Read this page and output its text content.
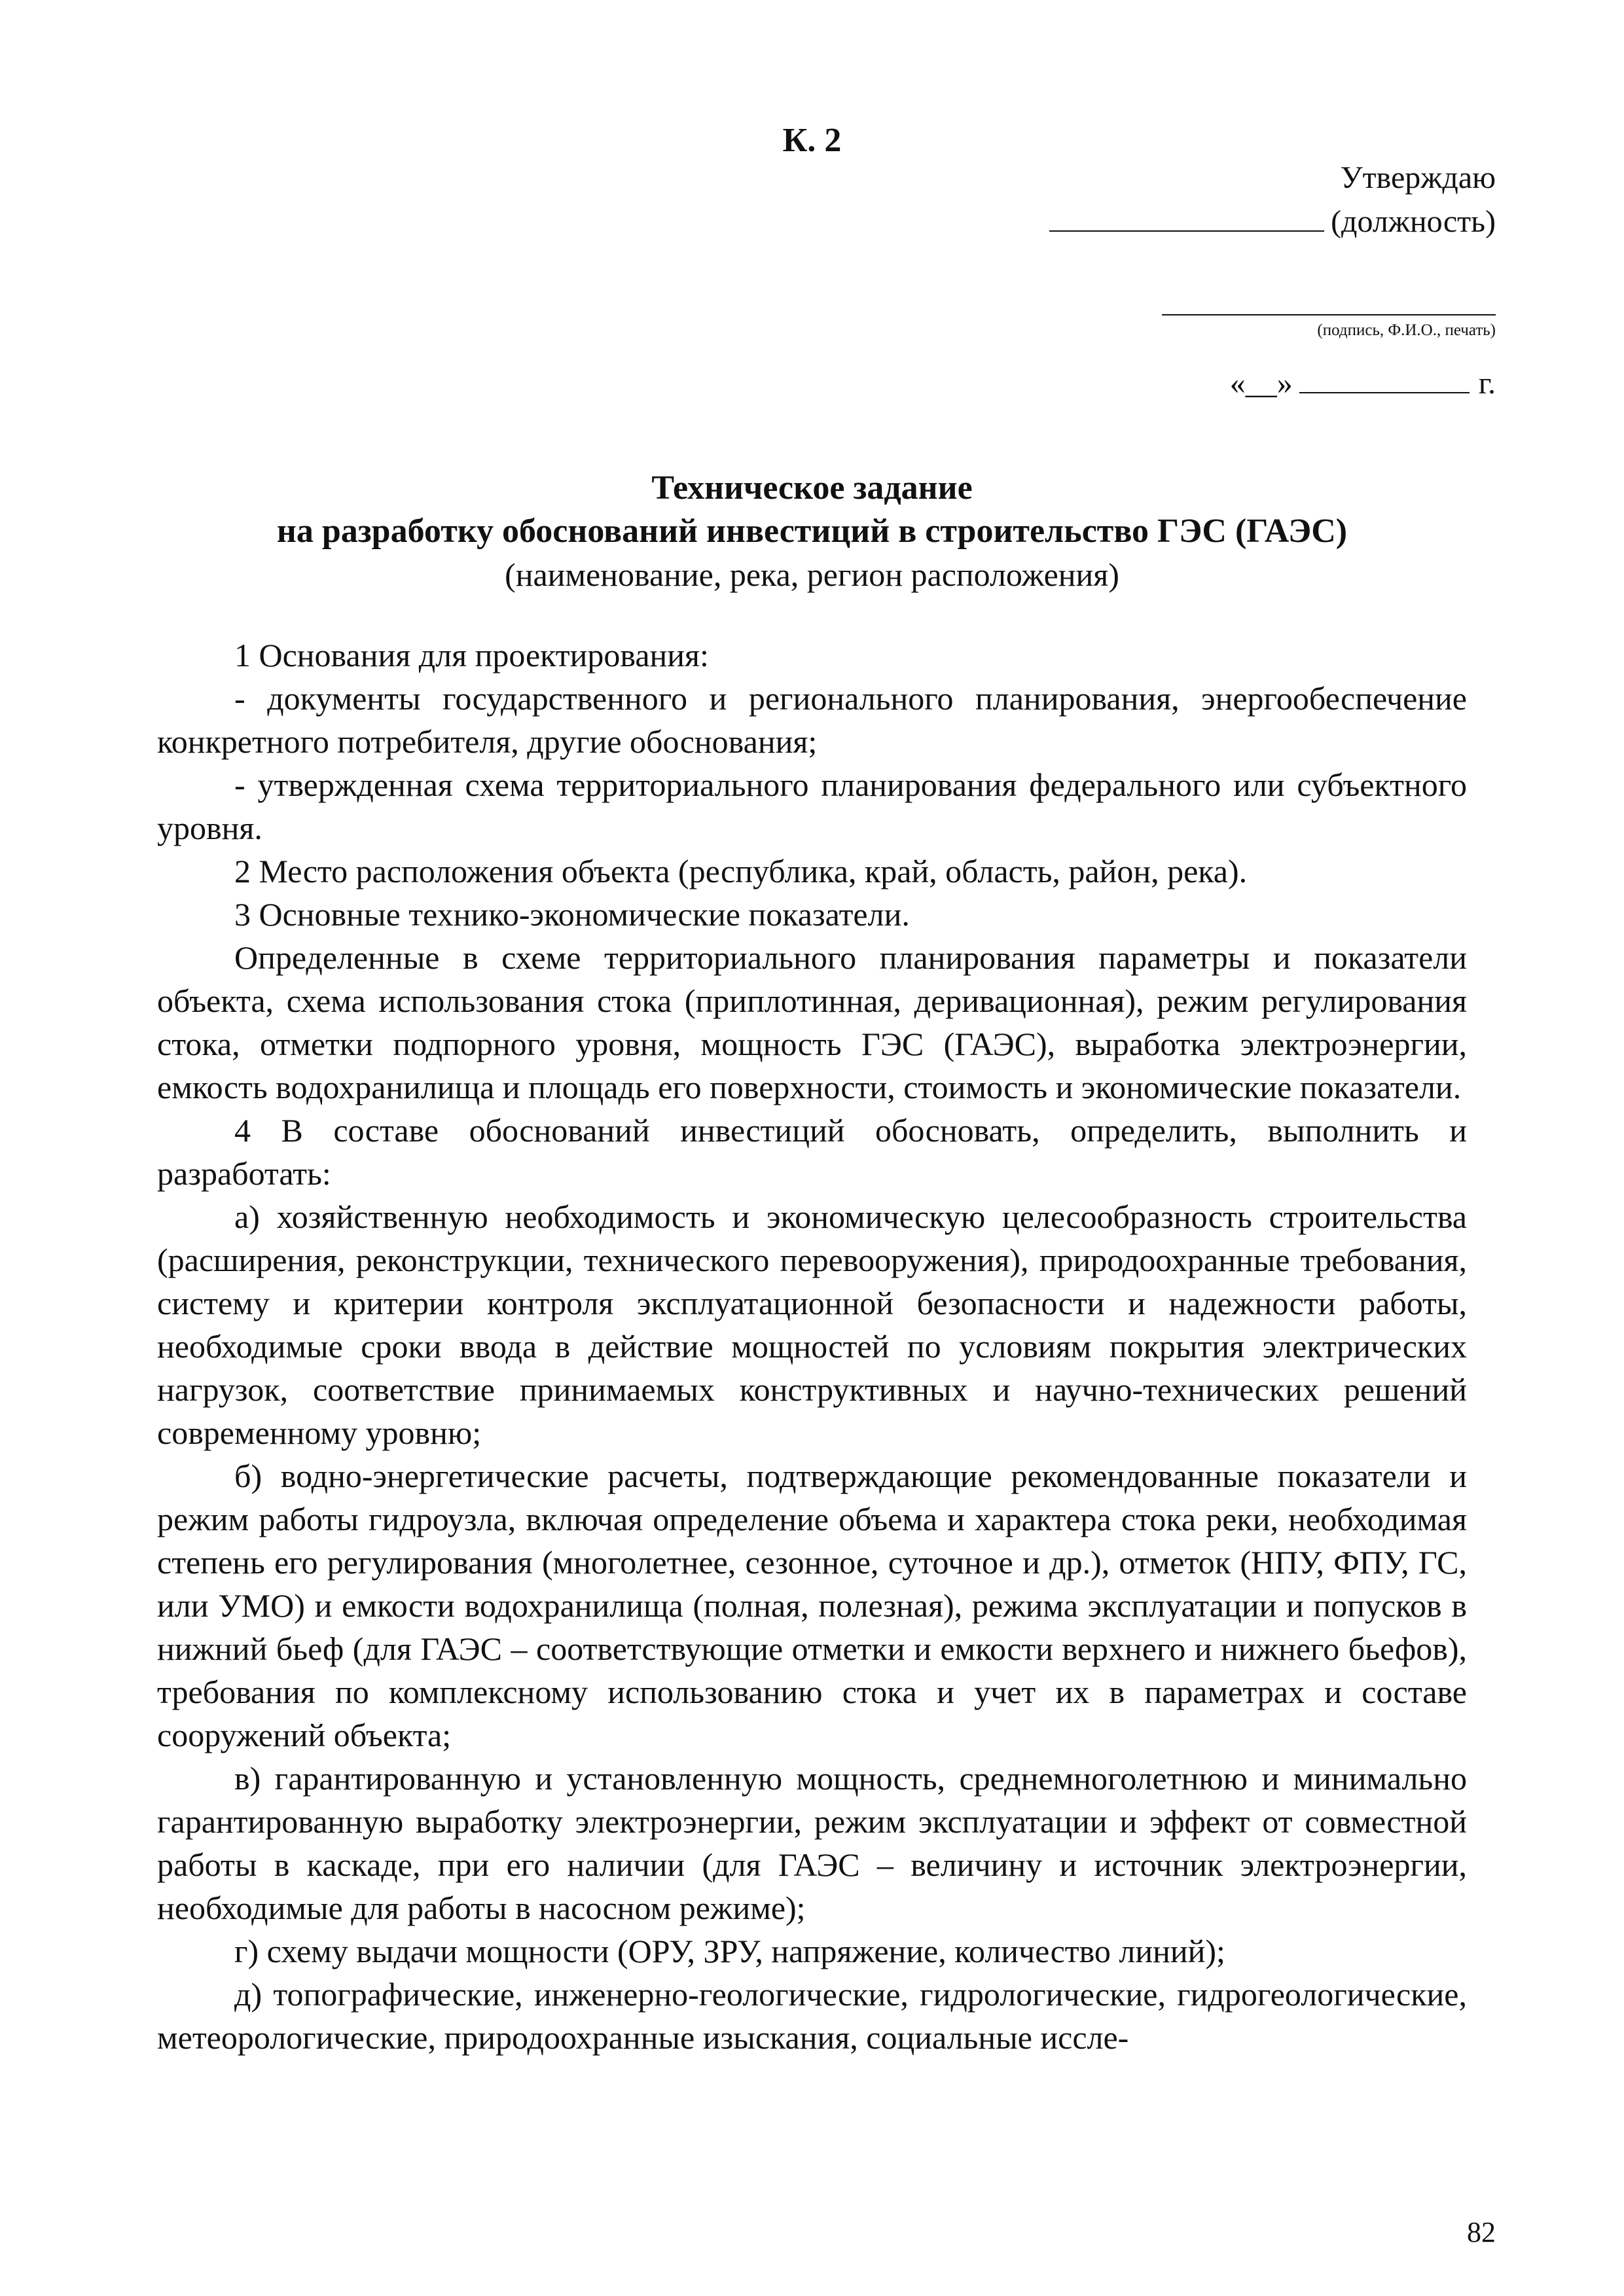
К. 2
Утверждаю
(должность)
(подпись, Ф.И.О., печать)
«__»	г.
Техническое задание
на разработку обоснований инвестиций в строительство ГЭС (ГАЭС)
(наименование, река, регион расположения)

1 Основания для проектирования:

- документы государственного и регионального планирования, энергообеспечение конкретного потребителя, другие обоснования;

- утвержденная схема территориального планирования федерального или субъектного уровня.

2 Место расположения объекта (республика, край, область, район, река).

3 Основные технико-экономические показатели.

Определенные в схеме территориального планирования параметры и показатели объекта, схема использования стока (приплотинная, деривационная), режим регулирования стока, отметки подпорного уровня, мощность ГЭС (ГАЭС), выработка электроэнергии, емкость водохранилища и площадь его поверхности, стоимость и экономические показатели.

4 В составе обоснований инвестиций обосновать, определить, выполнить и разработать:

а) хозяйственную необходимость и экономическую целесообразность строительства (расширения, реконструкции, технического перевооружения), природоохранные требования, систему и критерии контроля эксплуатационной безопасности и надежности работы, необходимые сроки ввода в действие мощностей по условиям покрытия электрических нагрузок, соответствие принимаемых конструктивных и научно-технических решений современному уровню;

б) водно-энергетические расчеты, подтверждающие рекомендованные показатели и режим работы гидроузла, включая определение объема и характера стока реки, необходимая степень его регулирования (многолетнее, сезонное, суточное и др.), отметок (НПУ, ФПУ, ГС, или УМО) и емкости водохранилища (полная, полезная), режима эксплуатации и попусков в нижний бьеф (для ГАЭС – соответствующие отметки и емкости верхнего и нижнего бьефов), требования по комплексному использованию стока и учет их в параметрах и составе сооружений объекта;

в) гарантированную и установленную мощность, среднемноголетнюю и минимально гарантированную выработку электроэнергии, режим эксплуатации и эффект от совместной работы в каскаде, при его наличии (для ГАЭС – величину и источник электроэнергии, необходимые для работы в насосном режиме);

г) схему выдачи мощности (ОРУ, ЗРУ, напряжение, количество линий);

д) топографические, инженерно-геологические, гидрологические, гидрогеологические, метеорологические, природоохранные изыскания, социальные иссле-

82
